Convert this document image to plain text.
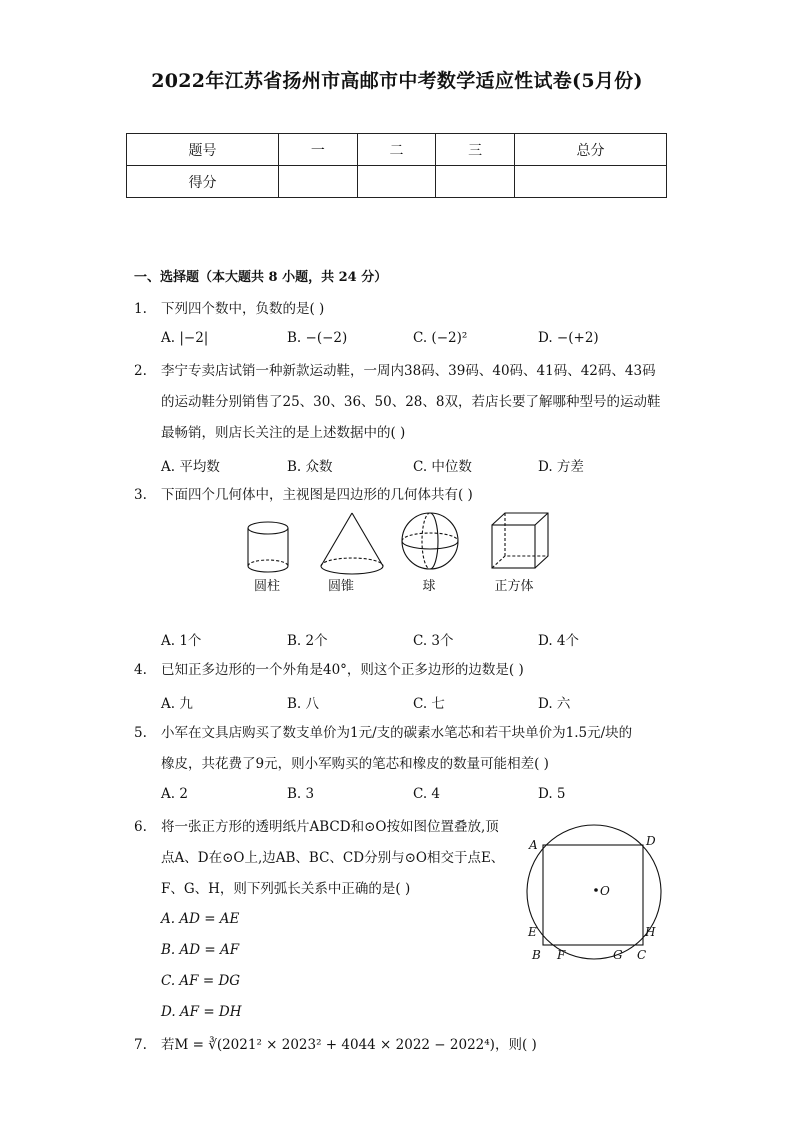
2022年江苏省扬州市高邮市中考数学适应性试卷(5月份)
题号	一	二	三	总分
得分				
一、选择题（本大题共 8 小题，共 24 分）
1.	下列四个数中，负数的是( )
A. |−2|	B. −(−2)	C. (−2)²	D. −(+2)
2.	李宁专卖店试销一种新款运动鞋，一周内38码、39码、40码、41码、42码、43码
的运动鞋分别销售了25、30、36、50、28、8双，若店长要了解哪种型号的运动鞋
最畅销，则店长关注的是上述数据中的( )
A. 平均数	B. 众数	C. 中位数	D. 方差
3.	下面四个几何体中，主视图是四边形的几何体共有( )
圆柱	圆锥	球	正方体
A. 1个	B. 2个	C. 3个	D. 4个
4.	已知正多边形的一个外角是40°，则这个正多边形的边数是( )
A. 九	B. 八	C. 七	D. 六
5.	小军在文具店购买了数支单价为1元/支的碳素水笔芯和若干块单价为1.5元/块的
橡皮，共花费了9元，则小军购买的笔芯和橡皮的数量可能相差( )
A. 2	B. 3	C. 4	D. 5
6.	将一张正方形的透明纸片ABCD和⊙O按如图位置叠放,顶
点A、D在⊙O上,边AB、BC、CD分别与⊙O相交于点E、
F、G、H，则下列弧长关系中正确的是( )
A. AD = AE
B. AD = AF
C. AF = DG
D. AF = DH
A	D
O
E	H
B F	G C
7.	若M = ∛(2021² × 2023² + 4044 × 2022 − 2022⁴)，则( )
